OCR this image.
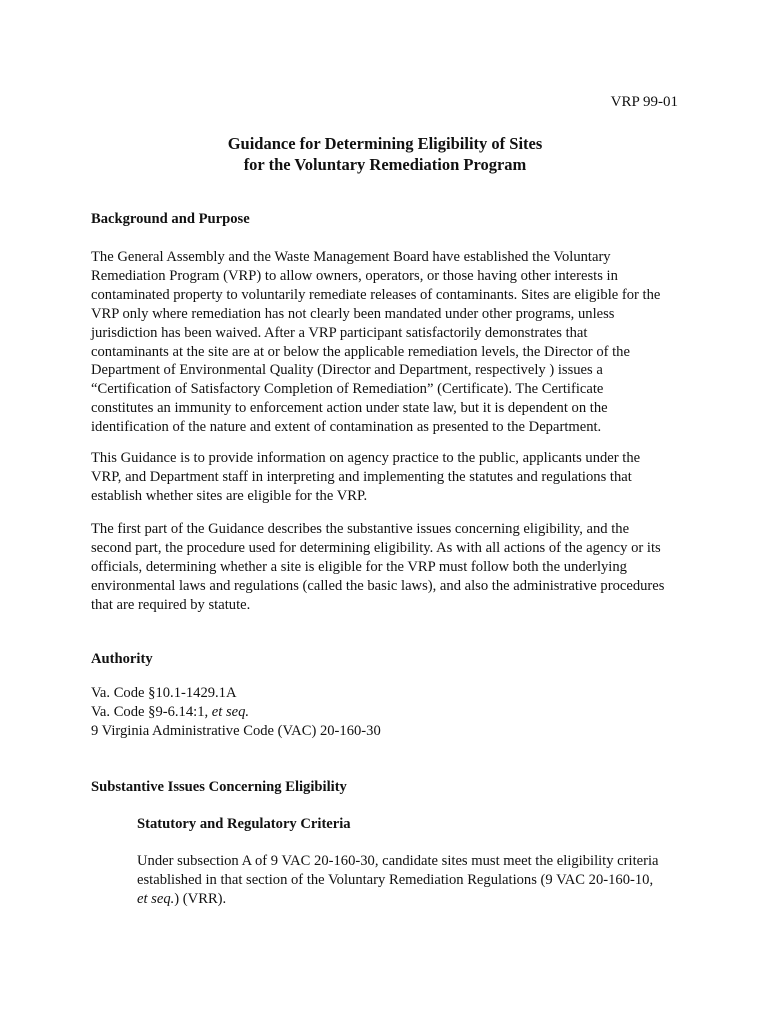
VRP 99-01
Guidance for Determining Eligibility of Sites
for the Voluntary Remediation Program
Background and Purpose

The General Assembly and the Waste Management Board have established the Voluntary
Remediation Program (VRP) to allow owners, operators, or those having other interests in
contaminated property to voluntarily remediate releases of contaminants. Sites are eligible for the
VRP only where remediation has not clearly been mandated under other programs, unless
jurisdiction has been waived. After a VRP participant satisfactorily demonstrates that
contaminants at the site are at or below the applicable remediation levels, the Director of the
Department of Environmental Quality (Director and Department, respectively ) issues a
“Certification of Satisfactory Completion of Remediation” (Certificate). The Certificate
constitutes an immunity to enforcement action under state law, but it is dependent on the
identification of the nature and extent of contamination as presented to the Department.

This Guidance is to provide information on agency practice to the public, applicants under the
VRP, and Department staff in interpreting and implementing the statutes and regulations that
establish whether sites are eligible for the VRP.

The first part of the Guidance describes the substantive issues concerning eligibility, and the
second part, the procedure used for determining eligibility. As with all actions of the agency or its
officials, determining whether a site is eligible for the VRP must follow both the underlying
environmental laws and regulations (called the basic laws), and also the administrative procedures
that are required by statute.

Authority

Va. Code §10.1-1429.1A
Va. Code §9-6.14:1, et seq.
9 Virginia Administrative Code (VAC) 20-160-30

Substantive Issues Concerning Eligibility
Statutory and Regulatory Criteria

Under subsection A of 9 VAC 20-160-30, candidate sites must meet the eligibility criteria
established in that section of the Voluntary Remediation Regulations (9 VAC 20-160-10,
et seq.) (VRR).
